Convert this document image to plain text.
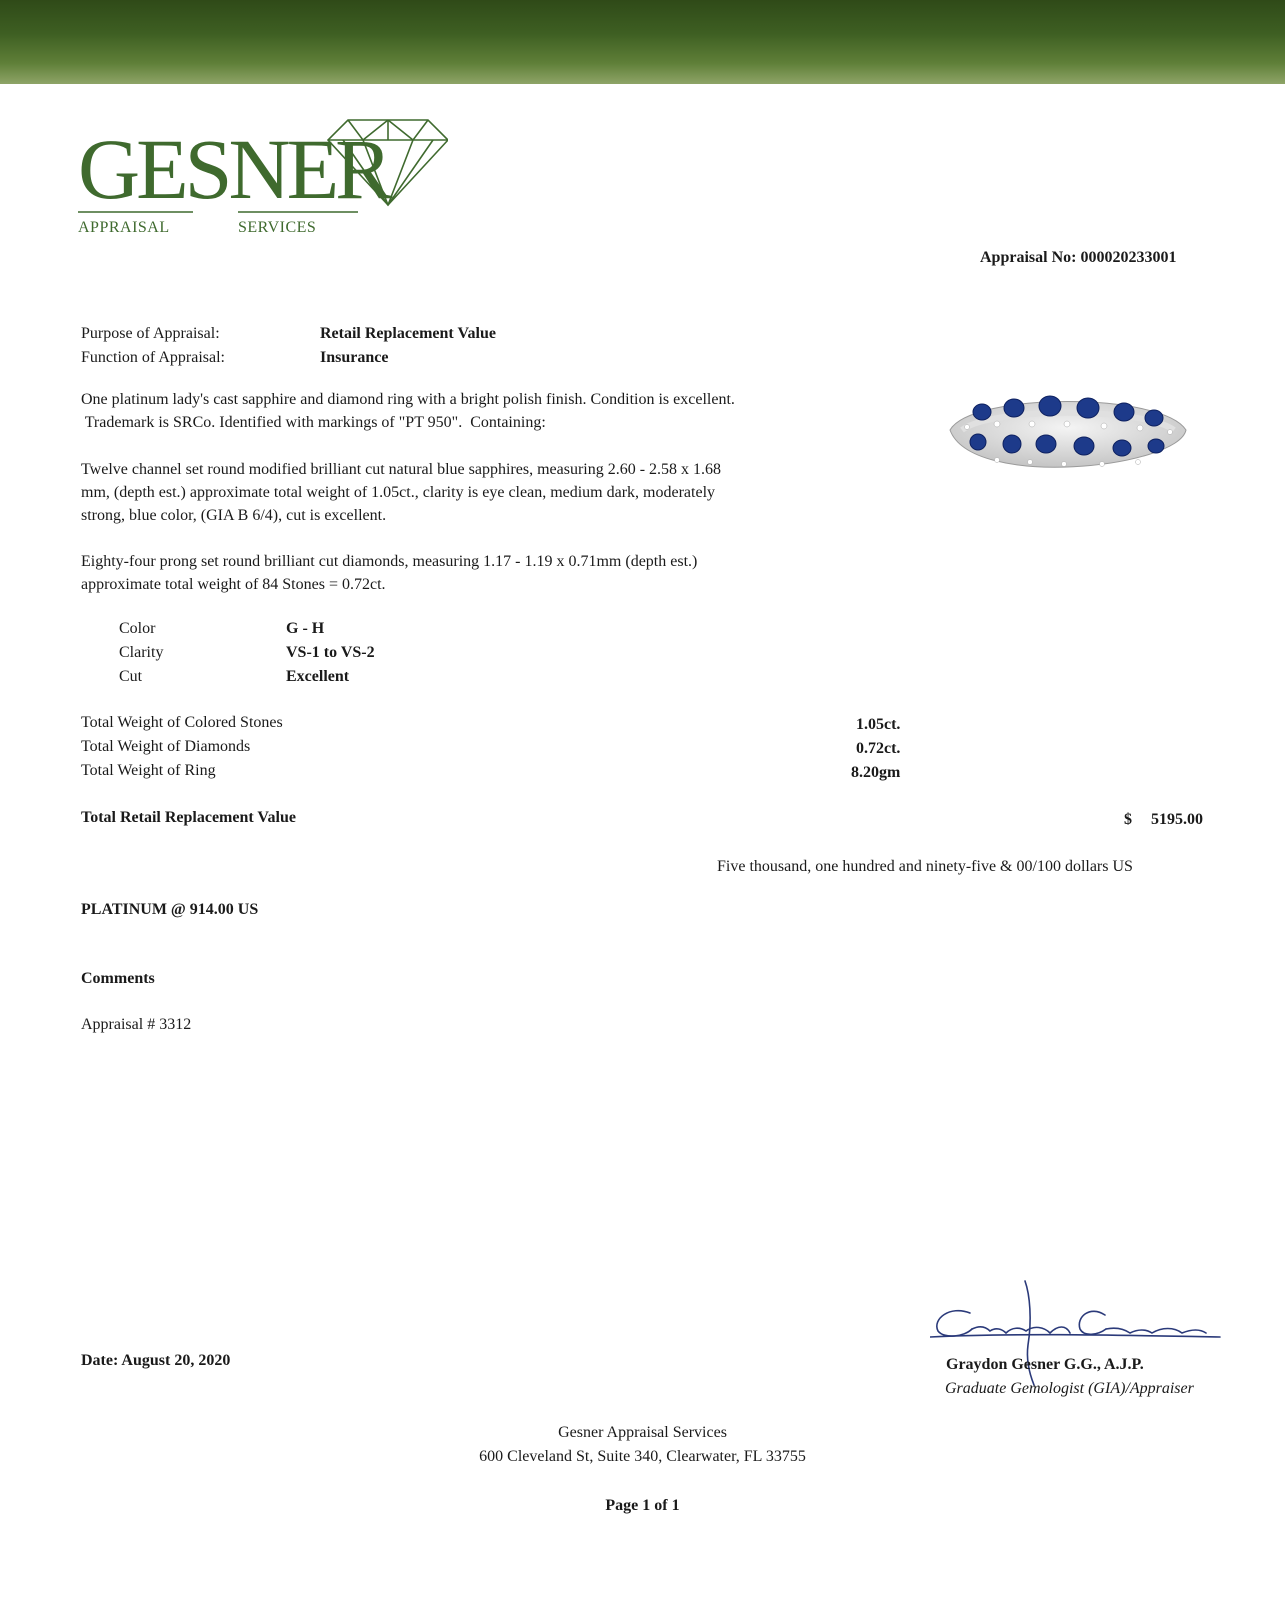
GESNER
APPRAISAL	SERVICES
Appraisal No: 000020233001
Purpose of Appraisal:	Retail Replacement Value
Function of Appraisal:	Insurance
One platinum lady's cast sapphire and diamond ring with a bright polish finish. Condition is excellent.
Trademark is SRCo. Identified with markings of "PT 950".  Containing:
Twelve channel set round modified brilliant cut natural blue sapphires, measuring 2.60 - 2.58 x 1.68
mm, (depth est.) approximate total weight of 1.05ct., clarity is eye clean, medium dark, moderately
strong, blue color, (GIA B 6/4), cut is excellent.
Eighty-four prong set round brilliant cut diamonds, measuring 1.17 - 1.19 x 0.71mm (depth est.)
approximate total weight of 84 Stones = 0.72ct.
Color	G - H
Clarity	VS-1 to VS-2
Cut	Excellent
Total Weight of Colored Stones	1.05ct.
Total Weight of Diamonds	0.72ct.
Total Weight of Ring	8.20gm
Total Retail Replacement Value	$ 5195.00
Five thousand, one hundred and ninety-five & 00/100 dollars US
PLATINUM @ 914.00 US
Comments
Appraisal # 3312
Date: August 20, 2020
Graydon Gesner
Graydon Gesner G.G., A.J.P.
Graduate Gemologist (GIA)/Appraiser
Gesner Appraisal Services
600 Cleveland St, Suite 340, Clearwater, FL 33755
Page 1 of 1
